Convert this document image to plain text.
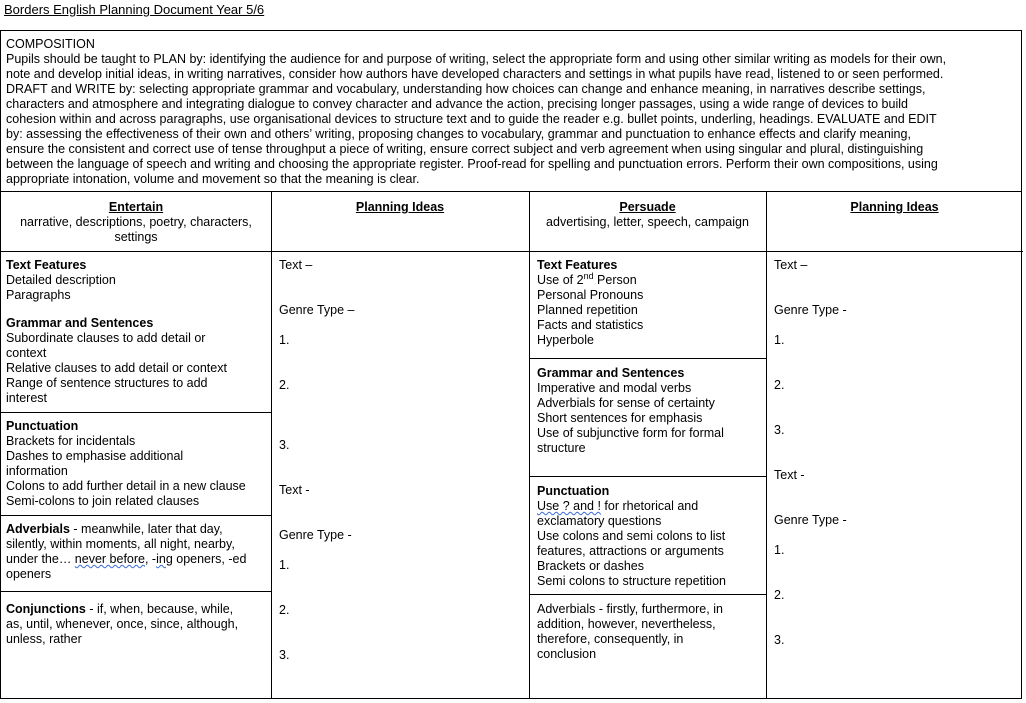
Borders English Planning Document Year 5/6
COMPOSITION
Pupils should be taught to PLAN by: identifying the audience for and purpose of writing, select the appropriate form and using other similar writing as models for their own,
note and develop initial ideas, in writing narratives, consider how authors have developed characters and settings in what pupils have read, listened to or seen performed.
DRAFT and WRITE by: selecting appropriate grammar and vocabulary, understanding how choices can change and enhance meaning, in narratives describe settings,
characters and atmosphere and integrating dialogue to convey character and advance the action, precising longer passages, using a wide range of devices to build
cohesion within and across paragraphs, use organisational devices to structure text and to guide the reader e.g. bullet points, underling, headings. EVALUATE and EDIT
by: assessing the effectiveness of their own and others’ writing, proposing changes to vocabulary, grammar and punctuation to enhance effects and clarify meaning,
ensure the consistent and correct use of tense throughput a piece of writing, ensure correct subject and verb agreement when using singular and plural, distinguishing
between the language of speech and writing and choosing the appropriate register. Proof-read for spelling and punctuation errors. Perform their own compositions, using
appropriate intonation, volume and movement so that the meaning is clear.
Entertain
narrative, descriptions, poetry, characters,
settings
Planning Ideas	Persuade
advertising, letter, speech, campaign
Planning Ideas
Text Features
Detailed description
Paragraphs
Grammar and Sentences
Subordinate clauses to add detail or
context
Relative clauses to add detail or context
Range of sentence structures to add
interest
Punctuation
Brackets for incidentals
Dashes to emphasise additional
information
Colons to add further detail in a new clause
Semi-colons to join related clauses
Adverbials - meanwhile, later that day,
silently, within moments, all night, nearby,
under the… never before, -ing openers, -ed
openers
Conjunctions - if, when, because, while,
as, until, whenever, once, since, although,
unless, rather
Text –
Genre Type –
1.
2.
3.
Text -
Genre Type -
1.
2.
3.
Text Features
Use of 2nd Person
Personal Pronouns
Planned repetition
Facts and statistics
Hyperbole
Grammar and Sentences
Imperative and modal verbs
Adverbials for sense of certainty
Short sentences for emphasis
Use of subjunctive form for formal
structure
Punctuation
Use ? and ! for rhetorical and
exclamatory questions
Use colons and semi colons to list
features, attractions or arguments
Brackets or dashes
Semi colons to structure repetition
Adverbials - firstly, furthermore, in
addition, however, nevertheless,
therefore, consequently, in
conclusion
Text –
Genre Type -
1.
2.
3.
Text -
Genre Type -
1.
2.
3.
